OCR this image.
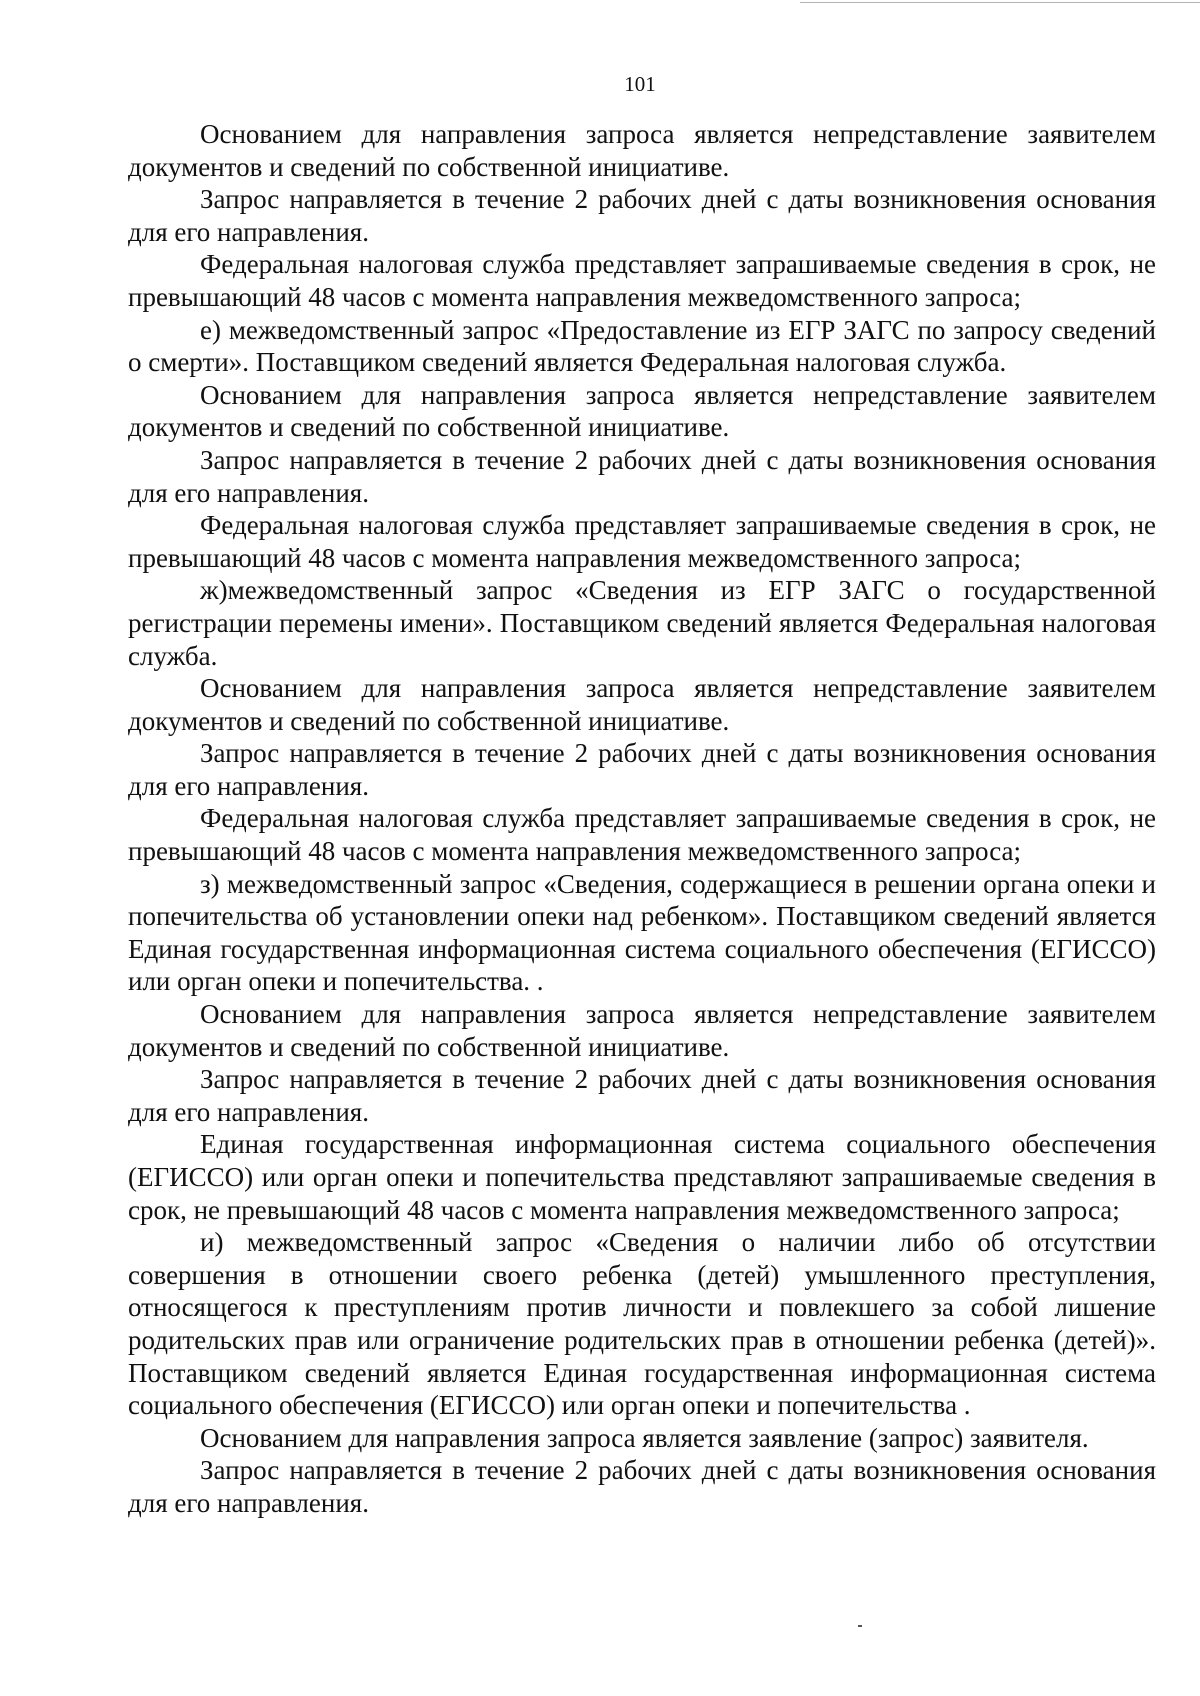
101

Основанием для направления запроса является непредставление заявителем документов и сведений по собственной инициативе.

Запрос направляется в течение 2 рабочих дней с даты возникновения основания для его направления.

Федеральная налоговая служба представляет запрашиваемые сведения в срок, не превышающий 48 часов с момента направления межведомственного запроса;

е) межведомственный запрос «Предоставление из ЕГР ЗАГС по запросу сведений о смерти». Поставщиком сведений является Федеральная налоговая служба.

Основанием для направления запроса является непредставление заявителем документов и сведений по собственной инициативе.

Запрос направляется в течение 2 рабочих дней с даты возникновения основания для его направления.

Федеральная налоговая служба представляет запрашиваемые сведения в срок, не превышающий 48 часов с момента направления межведомственного запроса;

ж)межведомственный запрос «Сведения из ЕГР ЗАГС о государственной регистрации перемены имени». Поставщиком сведений является Федеральная налоговая служба.

Основанием для направления запроса является непредставление заявителем документов и сведений по собственной инициативе.

Запрос направляется в течение 2 рабочих дней с даты возникновения основания для его направления.

Федеральная налоговая служба представляет запрашиваемые сведения в срок, не превышающий 48 часов с момента направления межведомственного запроса;

з) межведомственный запрос «Сведения, содержащиеся в решении органа опеки и попечительства об установлении опеки над ребенком». Поставщиком сведений является Единая государственная информационная система социального обеспечения (ЕГИССО) или орган опеки и попечительства. .

Основанием для направления запроса является непредставление заявителем документов и сведений по собственной инициативе.

Запрос направляется в течение 2 рабочих дней с даты возникновения основания для его направления.

Единая государственная информационная система социального обеспечения (ЕГИССО) или орган опеки и попечительства представляют запрашиваемые сведения в срок, не превышающий 48 часов с момента направления межведомственного запроса;

и) межведомственный запрос «Сведения о наличии либо об отсутствии совершения в отношении своего ребенка (детей) умышленного преступления, относящегося к преступлениям против личности и повлекшего за собой лишение родительских прав или ограничение родительских прав в отношении ребенка (детей)». Поставщиком сведений является Единая государственная информационная система социального обеспечения (ЕГИССО) или орган опеки и попечительства .

Основанием для направления запроса является заявление (запрос) заявителя.

Запрос направляется в течение 2 рабочих дней с даты возникновения основания для его направления.
